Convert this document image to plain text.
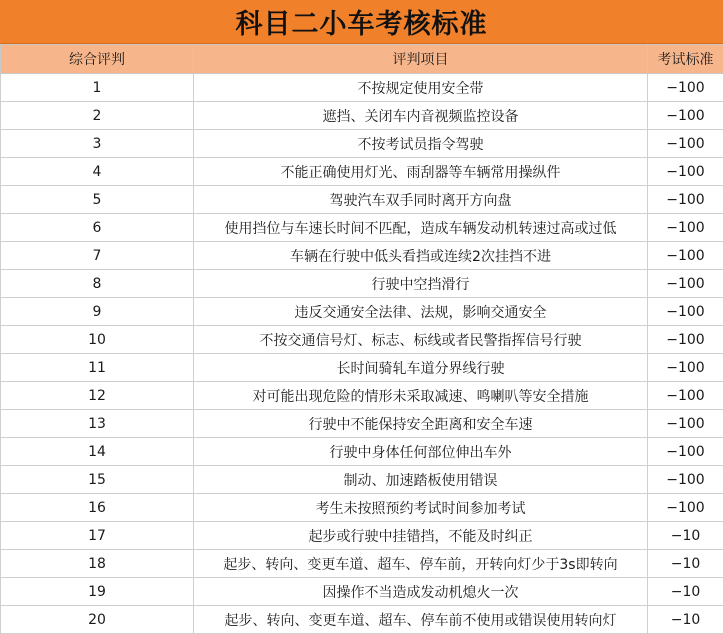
科目二小车考核标准
综合评判	评判项目	考试标准
1	不按规定使用安全带	−100
2	遮挡、关闭车内音视频监控设备	−100
3	不按考试员指令驾驶	−100
4	不能正确使用灯光、雨刮器等车辆常用操纵件	−100
5	驾驶汽车双手同时离开方向盘	−100
6	使用挡位与车速长时间不匹配，造成车辆发动机转速过高或过低	−100
7	车辆在行驶中低头看挡或连续2次挂挡不进	−100
8	行驶中空挡滑行	−100
9	违反交通安全法律、法规，影响交通安全	−100
10	不按交通信号灯、标志、标线或者民警指挥信号行驶	−100
11	长时间骑轧车道分界线行驶	−100
12	对可能出现危险的情形未采取减速、鸣喇叭等安全措施	−100
13	行驶中不能保持安全距离和安全车速	−100
14	行驶中身体任何部位伸出车外	−100
15	制动、加速踏板使用错误	−100
16	考生未按照预约考试时间参加考试	−100
17	起步或行驶中挂错挡，不能及时纠正	−10
18	起步、转向、变更车道、超车、停车前，开转向灯少于3s即转向	−10
19	因操作不当造成发动机熄火一次	−10
20	起步、转向、变更车道、超车、停车前不使用或错误使用转向灯	−10
